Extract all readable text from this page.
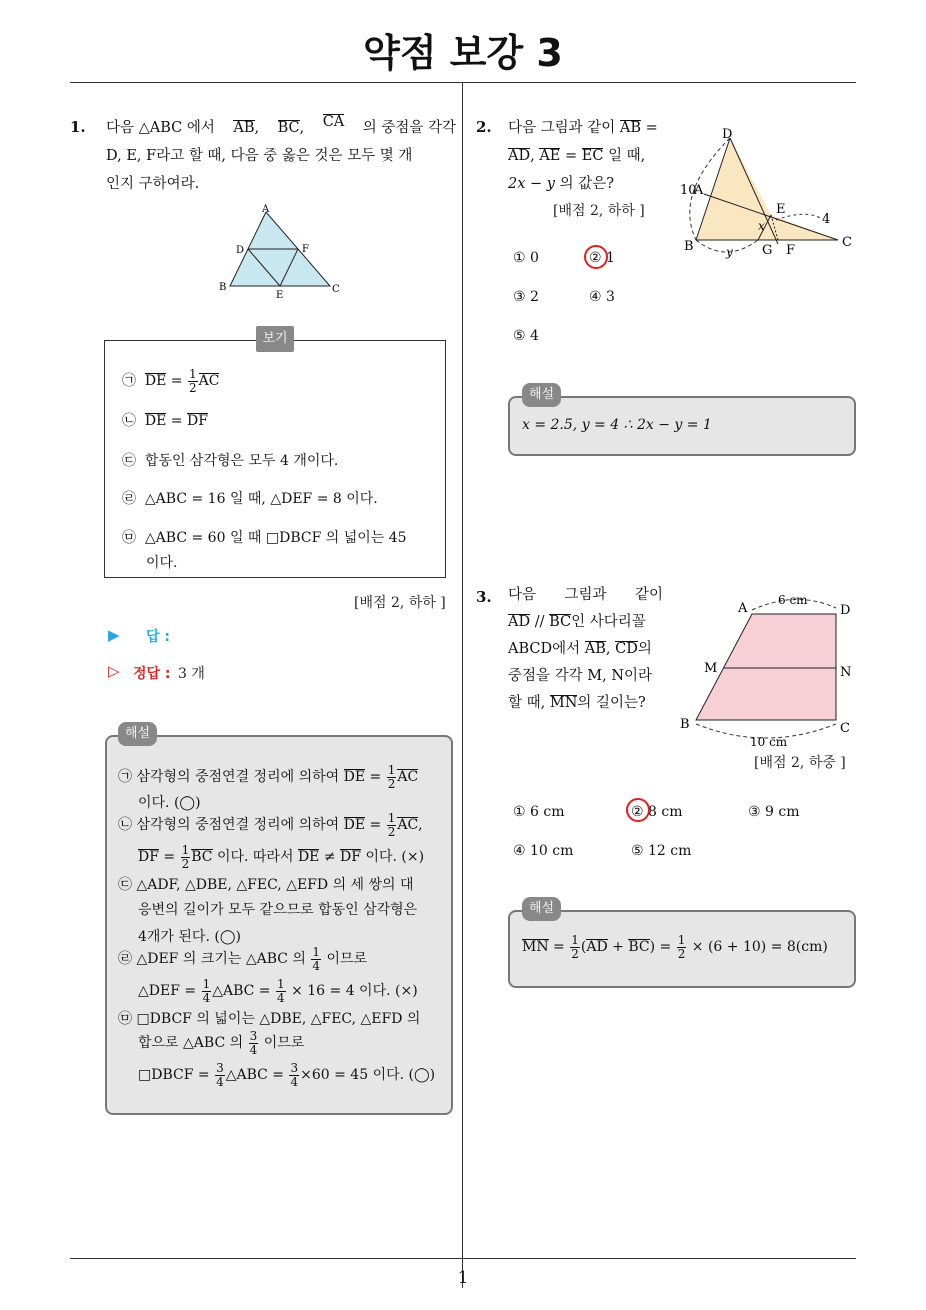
약점 보강 3
1
1. 다음 △ABC 에서 AB, BC, CA 의 중점을 각각
D, E, F라고 할 때, 다음 중 옳은 것은 모두 몇 개
인지 구하여라.
A
B	C
D
E
F
보기
㉠ DE = $\frac{1}{2}$ AC
㉡ DE = DF
㉢ 합동인 삼각형은 모두 4 개이다.
㉣ △ABC = 16 일 때, △DEF = 8 이다.
㉤ △ABC = 60 일 때 □DBCF 의 넓이는 45
이다.
[배점 2, 하하 ]
▶ 답 :
▷ 정답 : 3 개
해설
㉠ 삼각형의 중점연결 정리에 의하여 DE = $\frac{1}{2}$ AC
이다. (◯)
㉡ 삼각형의 중점연결 정리에 의하여 DE = $\frac{1}{2}$ AC,
DF = $\frac{1}{2}$ BC 이다. 따라서 DE ≠ DF 이다. (×)
㉢ △ADF, △DBE, △FEC, △EFD 의 세 쌍의 대
응변의 길이가 모두 같으므로 합동인 삼각형은
4개가 된다. (◯)
㉣ △DEF 의 크기는 △ABC 의 $\frac{1}{4}$ 이므로
△DEF = $\frac{1}{4}$ △ABC = $\frac{1}{4} \times 16 = 4$ 이다. (×)
㉤ □DBCF 의 넓이는 △DBE, △FEC, △EFD 의
합으로 △ABC 의 $\frac{3}{4}$ 이므로
□DBCF = $\frac{3}{4}$ △ABC = $\frac{3}{4} \times 60 = 45$ 이다. (◯)
2. 다음 그림과 같이 AB =
AD, AE = EC 일 때,
2x − y 의 값은?
[배점 2, 하하 ]
D
10
A
B	C
E
F
G
4
x
y
① 0	② 1
③ 2	④ 3
⑤ 4
해설
x = 2.5, y = 4 ∴ 2x − y = 1
3. 다음 그림과 같이
AD // BC인 사다리꼴
ABCD에서 AB, CD의
중점을 각각 M, N이라
할 때, MN의 길이는?
A	D
M	N
B	C
6 cm
10 cm
[배점 2, 하중 ]
① 6 cm	② 8 cm	③ 9 cm
④ 10 cm	⑤ 12 cm
해설
MN = $\frac{1}{2} (AD + BC) = \frac{1}{2} \times (6 + 10) = 8(cm)$
